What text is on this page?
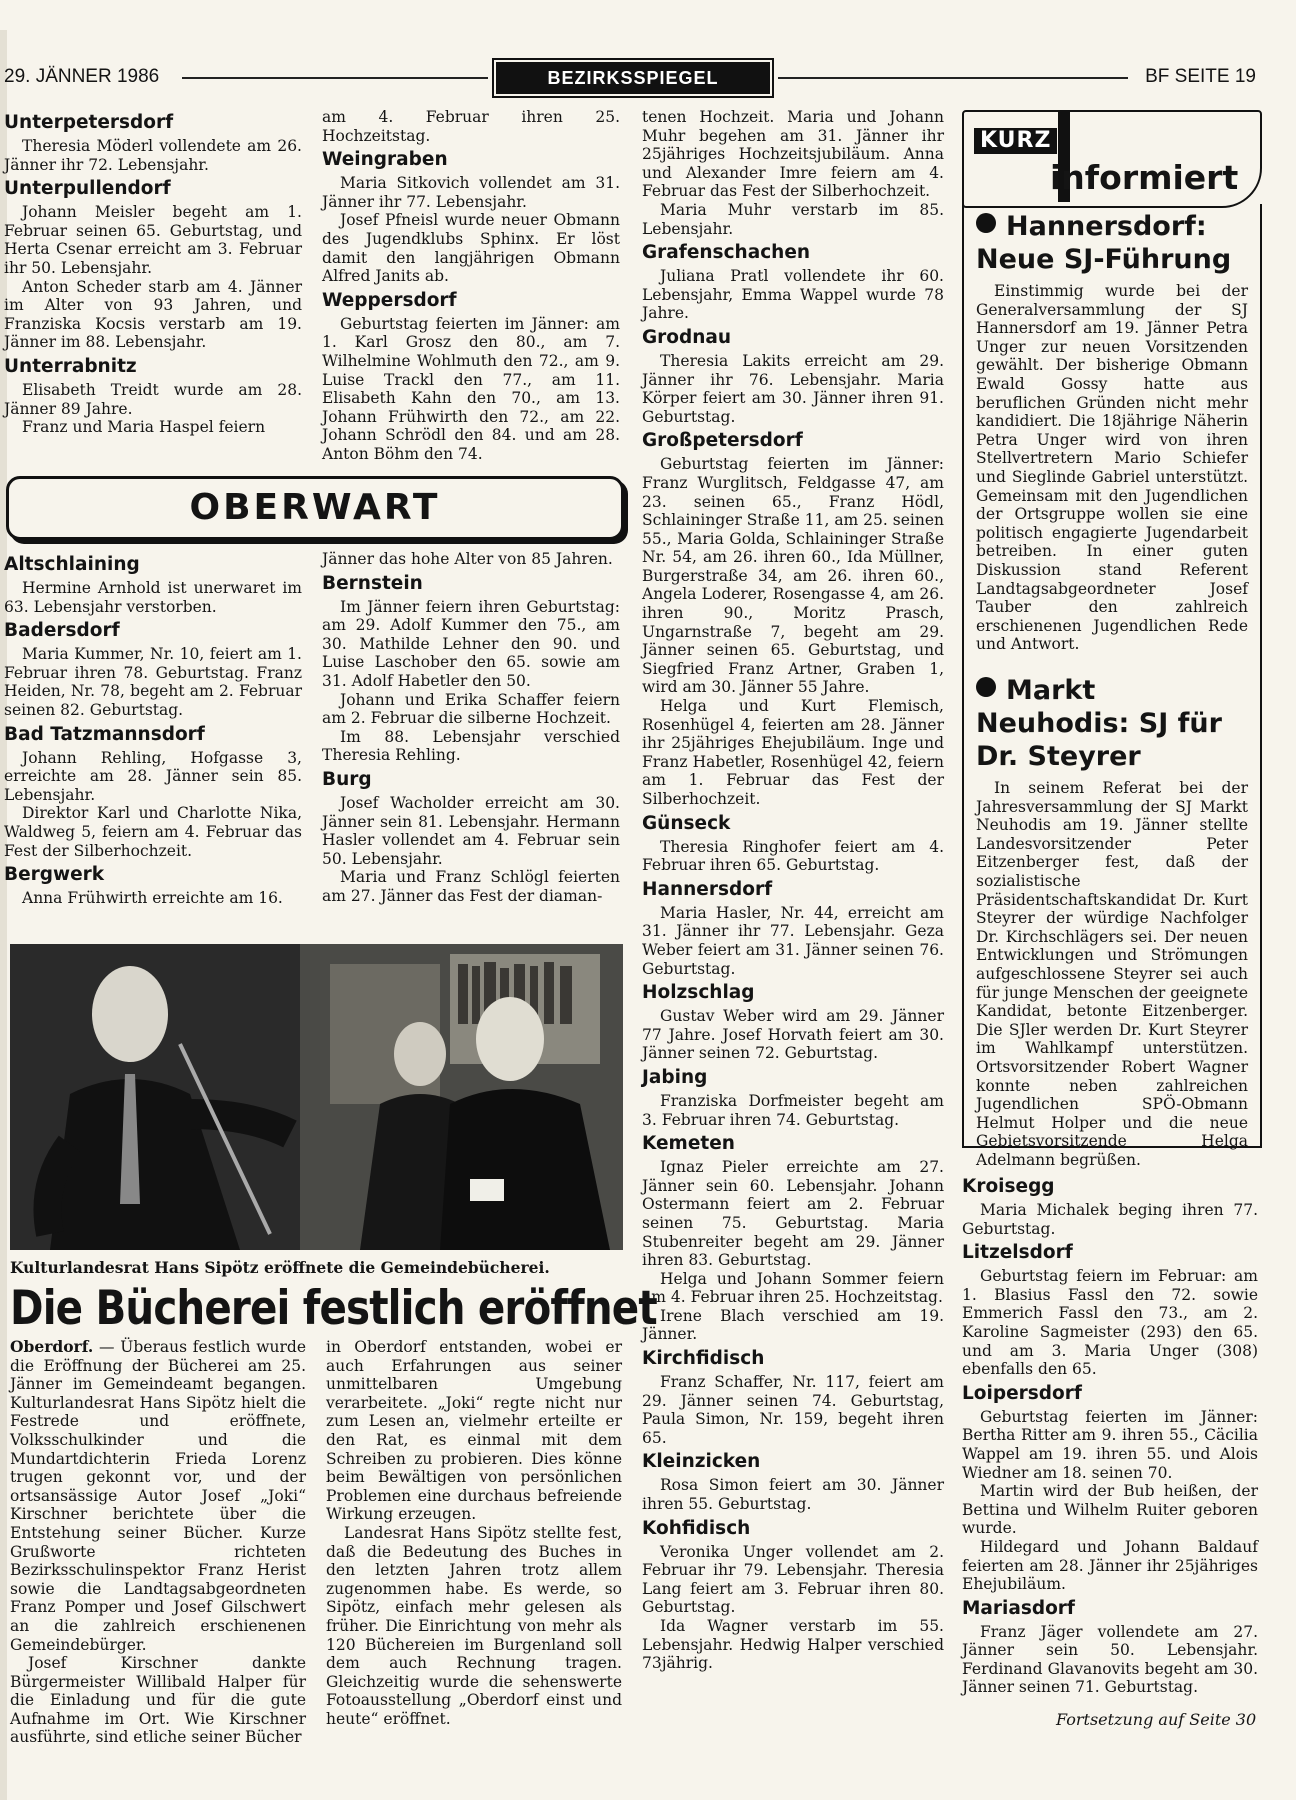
29. JÄNNER 1986	BEZIRKSSPIEGEL	BF SEITE 19
Unterpetersdorf

Theresia Möderl vollendete am 26. Jänner ihr 72. Lebensjahr.

Unterpullendorf

Johann Meisler begeht am 1. Februar seinen 65. Geburtstag, und Herta Csenar erreicht am 3. Februar ihr 50. Lebensjahr.

Anton Scheder starb am 4. Jänner im Alter von 93 Jahren, und Franziska Kocsis verstarb am 19. Jänner im 88. Lebensjahr.

Unterrabnitz

Elisabeth Treidt wurde am 28. Jänner 89 Jahre.

Franz und Maria Haspel feiern

am 4. Februar ihren 25. Hochzeitstag.

Weingraben

Maria Sitkovich vollendet am 31. Jänner ihr 77. Lebensjahr.

Josef Pfneisl wurde neuer Obmann des Jugendklubs Sphinx. Er löst damit den langjährigen Obmann Alfred Janits ab.

Weppersdorf

Geburtstag feierten im Jänner: am 1. Karl Grosz den 80., am 7. Wilhelmine Wohlmuth den 72., am 9. Luise Trackl den 77., am 11. Elisabeth Kahn den 70., am 13. Johann Frühwirth den 72., am 22. Johann Schrödl den 84. und am 28. Anton Böhm den 74.

OBERWART
Altschlaining

Hermine Arnhold ist unerwaret im 63. Lebensjahr verstorben.

Badersdorf

Maria Kummer, Nr. 10, feiert am 1. Februar ihren 78. Geburtstag. Franz Heiden, Nr. 78, begeht am 2. Februar seinen 82. Geburtstag.

Bad Tatzmannsdorf

Johann Rehling, Hofgasse 3, erreichte am 28. Jänner sein 85. Lebensjahr.

Direktor Karl und Charlotte Nika, Waldweg 5, feiern am 4. Februar das Fest der Silberhochzeit.

Bergwerk

Anna Frühwirth erreichte am 16.

Jänner das hohe Alter von 85 Jahren.

Bernstein

Im Jänner feiern ihren Geburtstag: am 29. Adolf Kummer den 75., am 30. Mathilde Lehner den 90. und Luise Laschober den 65. sowie am 31. Adolf Habetler den 50.

Johann und Erika Schaffer feiern am 2. Februar die silberne Hochzeit.

Im 88. Lebensjahr verschied Theresia Rehling.

Burg

Josef Wacholder erreicht am 30. Jänner sein 81. Lebensjahr. Hermann Hasler vollendet am 4. Februar sein 50. Lebensjahr.

Maria und Franz Schlögl feierten am 27. Jänner das Fest der diaman-

Kulturlandesrat Hans Sipötz eröffnete die Gemeindebücherei.
Die Bücherei festlich eröffnet

Oberdorf. — Überaus festlich wurde die Eröffnung der Bücherei am 25. Jänner im Gemeindeamt begangen. Kulturlandesrat Hans Sipötz hielt die Festrede und eröffnete, Volksschulkinder und die Mundartdichterin Frieda Lorenz trugen gekonnt vor, und der ortsansässige Autor Josef „Joki“ Kirschner berichtete über die Entstehung seiner Bücher. Kurze Grußworte richteten Bezirksschulinspektor Franz Herist sowie die Landtagsabgeordneten Franz Pomper und Josef Gilschwert an die zahlreich erschienenen Gemeindebürger.

Josef Kirschner dankte Bürgermeister Willibald Halper für die Einladung und für die gute Aufnahme im Ort. Wie Kirschner ausführte, sind etliche seiner Bücher

in Oberdorf entstanden, wobei er auch Erfahrungen aus seiner unmittelbaren Umgebung verarbeitete. „Joki“ regte nicht nur zum Lesen an, vielmehr erteilte er den Rat, es einmal mit dem Schreiben zu probieren. Dies könne beim Bewältigen von persönlichen Problemen eine durchaus befreiende Wirkung erzeugen.

Landesrat Hans Sipötz stellte fest, daß die Bedeutung des Buches in den letzten Jahren trotz allem zugenommen habe. Es werde, so Sipötz, einfach mehr gelesen als früher. Die Einrichtung von mehr als 120 Büchereien im Burgenland soll dem auch Rechnung tragen. Gleichzeitig wurde die sehenswerte Fotoausstellung „Oberdorf einst und heute“ eröffnet.

tenen Hochzeit. Maria und Johann Muhr begehen am 31. Jänner ihr 25jähriges Hochzeitsjubiläum. Anna und Alexander Imre feiern am 4. Februar das Fest der Silberhochzeit.

Maria Muhr verstarb im 85. Lebensjahr.

Grafenschachen

Juliana Pratl vollendete ihr 60. Lebensjahr, Emma Wappel wurde 78 Jahre.

Grodnau

Theresia Lakits erreicht am 29. Jänner ihr 76. Lebensjahr. Maria Körper feiert am 30. Jänner ihren 91. Geburtstag.

Großpetersdorf

Geburtstag feierten im Jänner: Franz Wurglitsch, Feldgasse 47, am 23. seinen 65., Franz Hödl, Schlaininger Straße 11, am 25. seinen 55., Maria Golda, Schlaininger Straße Nr. 54, am 26. ihren 60., Ida Müllner, Burgerstraße 34, am 26. ihren 60., Angela Loderer, Rosengasse 4, am 26. ihren 90., Moritz Prasch, Ungarnstraße 7, begeht am 29. Jänner seinen 65. Geburtstag, und Siegfried Franz Artner, Graben 1, wird am 30. Jänner 55 Jahre.

Helga und Kurt Flemisch, Rosenhügel 4, feierten am 28. Jänner ihr 25jähriges Ehejubiläum. Inge und Franz Habetler, Rosenhügel 42, feiern am 1. Februar das Fest der Silberhochzeit.

Günseck

Theresia Ringhofer feiert am 4. Februar ihren 65. Geburtstag.

Hannersdorf

Maria Hasler, Nr. 44, erreicht am 31. Jänner ihr 77. Lebensjahr. Geza Weber feiert am 31. Jänner seinen 76. Geburtstag.

Holzschlag

Gustav Weber wird am 29. Jänner 77 Jahre. Josef Horvath feiert am 30. Jänner seinen 72. Geburtstag.

Jabing

Franziska Dorfmeister begeht am 3. Februar ihren 74. Geburtstag.

Kemeten

Ignaz Pieler erreichte am 27. Jänner sein 60. Lebensjahr. Johann Ostermann feiert am 2. Februar seinen 75. Geburtstag. Maria Stubenreiter begeht am 29. Jänner ihren 83. Geburtstag.

Helga und Johann Sommer feiern am 4. Februar ihren 25. Hochzeitstag.

Irene Blach verschied am 19. Jänner.

Kirchfidisch

Franz Schaffer, Nr. 117, feiert am 29. Jänner seinen 74. Geburtstag, Paula Simon, Nr. 159, begeht ihren 65.

Kleinzicken

Rosa Simon feiert am 30. Jänner ihren 55. Geburtstag.

Kohfidisch

Veronika Unger vollendet am 2. Februar ihr 79. Lebensjahr. Theresia Lang feiert am 3. Februar ihren 80. Geburtstag.

Ida Wagner verstarb im 55. Lebensjahr. Hedwig Halper verschied 73jährig.

KURZ
informiert
Hannersdorf: Neue SJ-Führung

Einstimmig wurde bei der Generalversammlung der SJ Hannersdorf am 19. Jänner Petra Unger zur neuen Vorsitzenden gewählt. Der bisherige Obmann Ewald Gossy hatte aus beruflichen Gründen nicht mehr kandidiert. Die 18jährige Näherin Petra Unger wird von ihren Stellvertretern Mario Schiefer und Sieglinde Gabriel unterstützt. Gemeinsam mit den Jugendlichen der Ortsgruppe wollen sie eine politisch engagierte Jugendarbeit betreiben. In einer guten Diskussion stand Referent Landtagsabgeordneter Josef Tauber den zahlreich erschienenen Jugendlichen Rede und Antwort.

Markt Neuhodis: SJ für Dr. Steyrer

In seinem Referat bei der Jahresversammlung der SJ Markt Neuhodis am 19. Jänner stellte Landesvorsitzender Peter Eitzenberger fest, daß der sozialistische Präsidentschaftskandidat Dr. Kurt Steyrer der würdige Nachfolger Dr. Kirchschlägers sei. Der neuen Entwicklungen und Strömungen aufgeschlossene Steyrer sei auch für junge Menschen der geeignete Kandidat, betonte Eitzenberger. Die SJler werden Dr. Kurt Steyrer im Wahlkampf unterstützen. Ortsvorsitzender Robert Wagner konnte neben zahlreichen Jugendlichen SPÖ-Obmann Helmut Holper und die neue Gebietsvorsitzende Helga Adelmann begrüßen.

Kroisegg

Maria Michalek beging ihren 77. Geburtstag.

Litzelsdorf

Geburtstag feiern im Februar: am 1. Blasius Fassl den 72. sowie Emmerich Fassl den 73., am 2. Karoline Sagmeister (293) den 65. und am 3. Maria Unger (308) ebenfalls den 65.

Loipersdorf

Geburtstag feierten im Jänner: Bertha Ritter am 9. ihren 55., Cäcilia Wappel am 19. ihren 55. und Alois Wiedner am 18. seinen 70.

Martin wird der Bub heißen, der Bettina und Wilhelm Ruiter geboren wurde.

Hildegard und Johann Baldauf feierten am 28. Jänner ihr 25jähriges Ehejubiläum.

Mariasdorf

Franz Jäger vollendete am 27. Jänner sein 50. Lebensjahr. Ferdinand Glavanovits begeht am 30. Jänner seinen 71. Geburtstag.

Fortsetzung auf Seite 30
